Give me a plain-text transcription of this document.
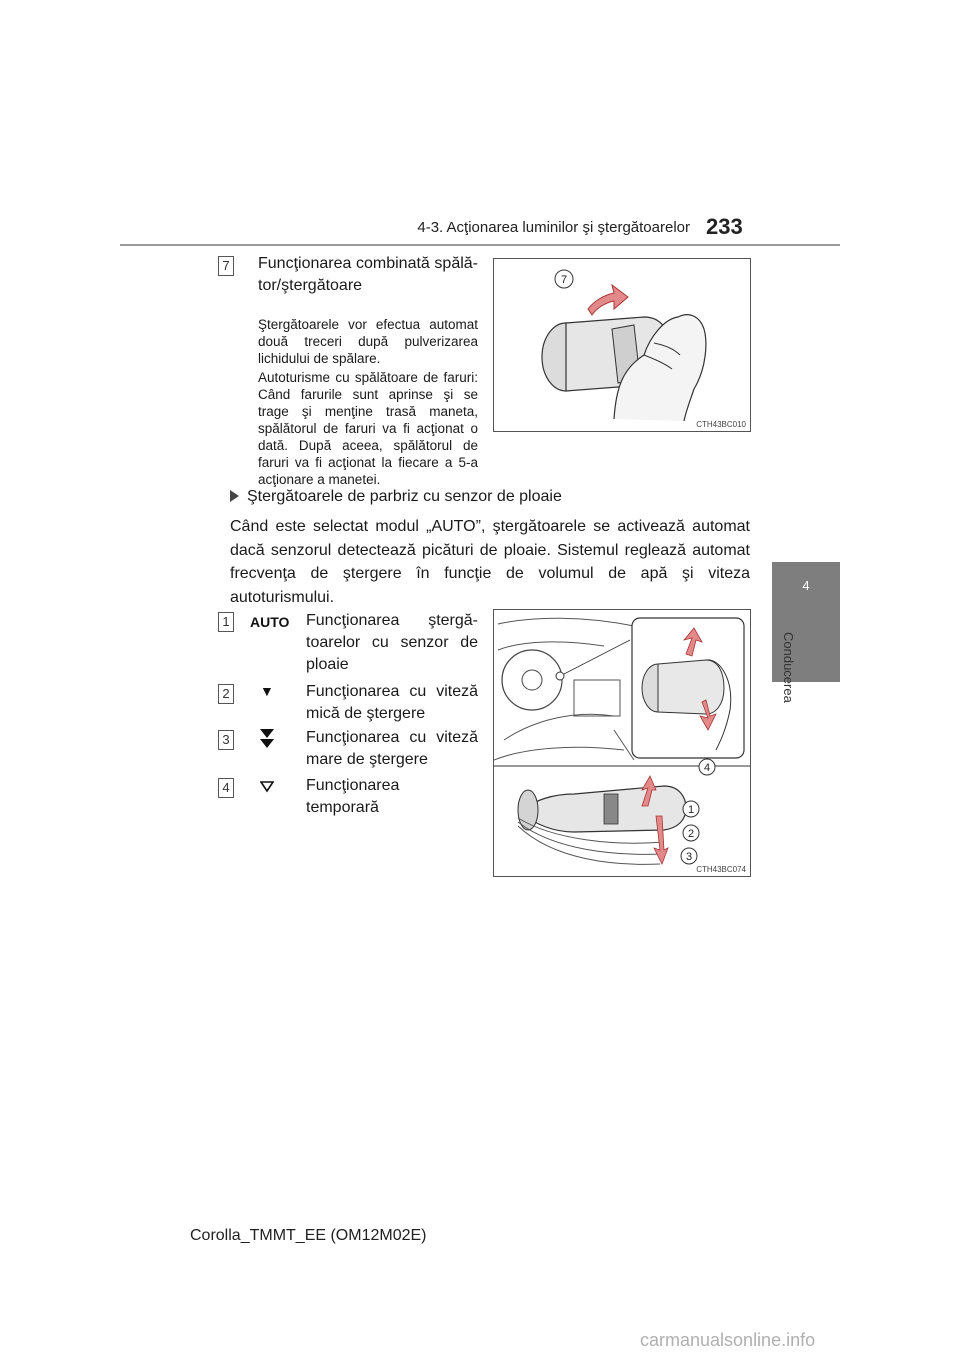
4-3. Acţionarea luminilor şi ştergătoarelor 233
4
Conducerea
7 Funcţionarea combinată spălă-
tor/ştergătoare
Ştergătoarele vor efectua automat două treceri după pulverizarea lichidului de spălare.
Autoturisme cu spălătoare de faruri: Când farurile sunt aprinse şi se trage şi menţine trasă maneta, spălătorul de faruri va fi acţionat o dată. După aceea, spălătorul de faruri va fi acţionat la fiecare a 5-a acţionare a manetei.
7
CTH43BC010
Ştergătoarele de parbriz cu senzor de ploaie
Când este selectat modul „AUTO”, ştergătoarele se activează automat dacă senzorul detectează picături de ploaie. Sistemul reglează automat frecvenţa de ştergere în funcţie de volumul de apă şi viteza autoturismului.
1	AUTO Funcţionarea ştergă-
toarelor cu senzor de
ploaie
2	▼ Funcţionarea cu viteză
mică de ştergere
3	Funcţionarea cu viteză
mare de ştergere
4	Funcţionarea
temporară
4
1
2
3
CTH43BC074
Corolla_TMMT_EE (OM12M02E)
carmanualsonline.info
